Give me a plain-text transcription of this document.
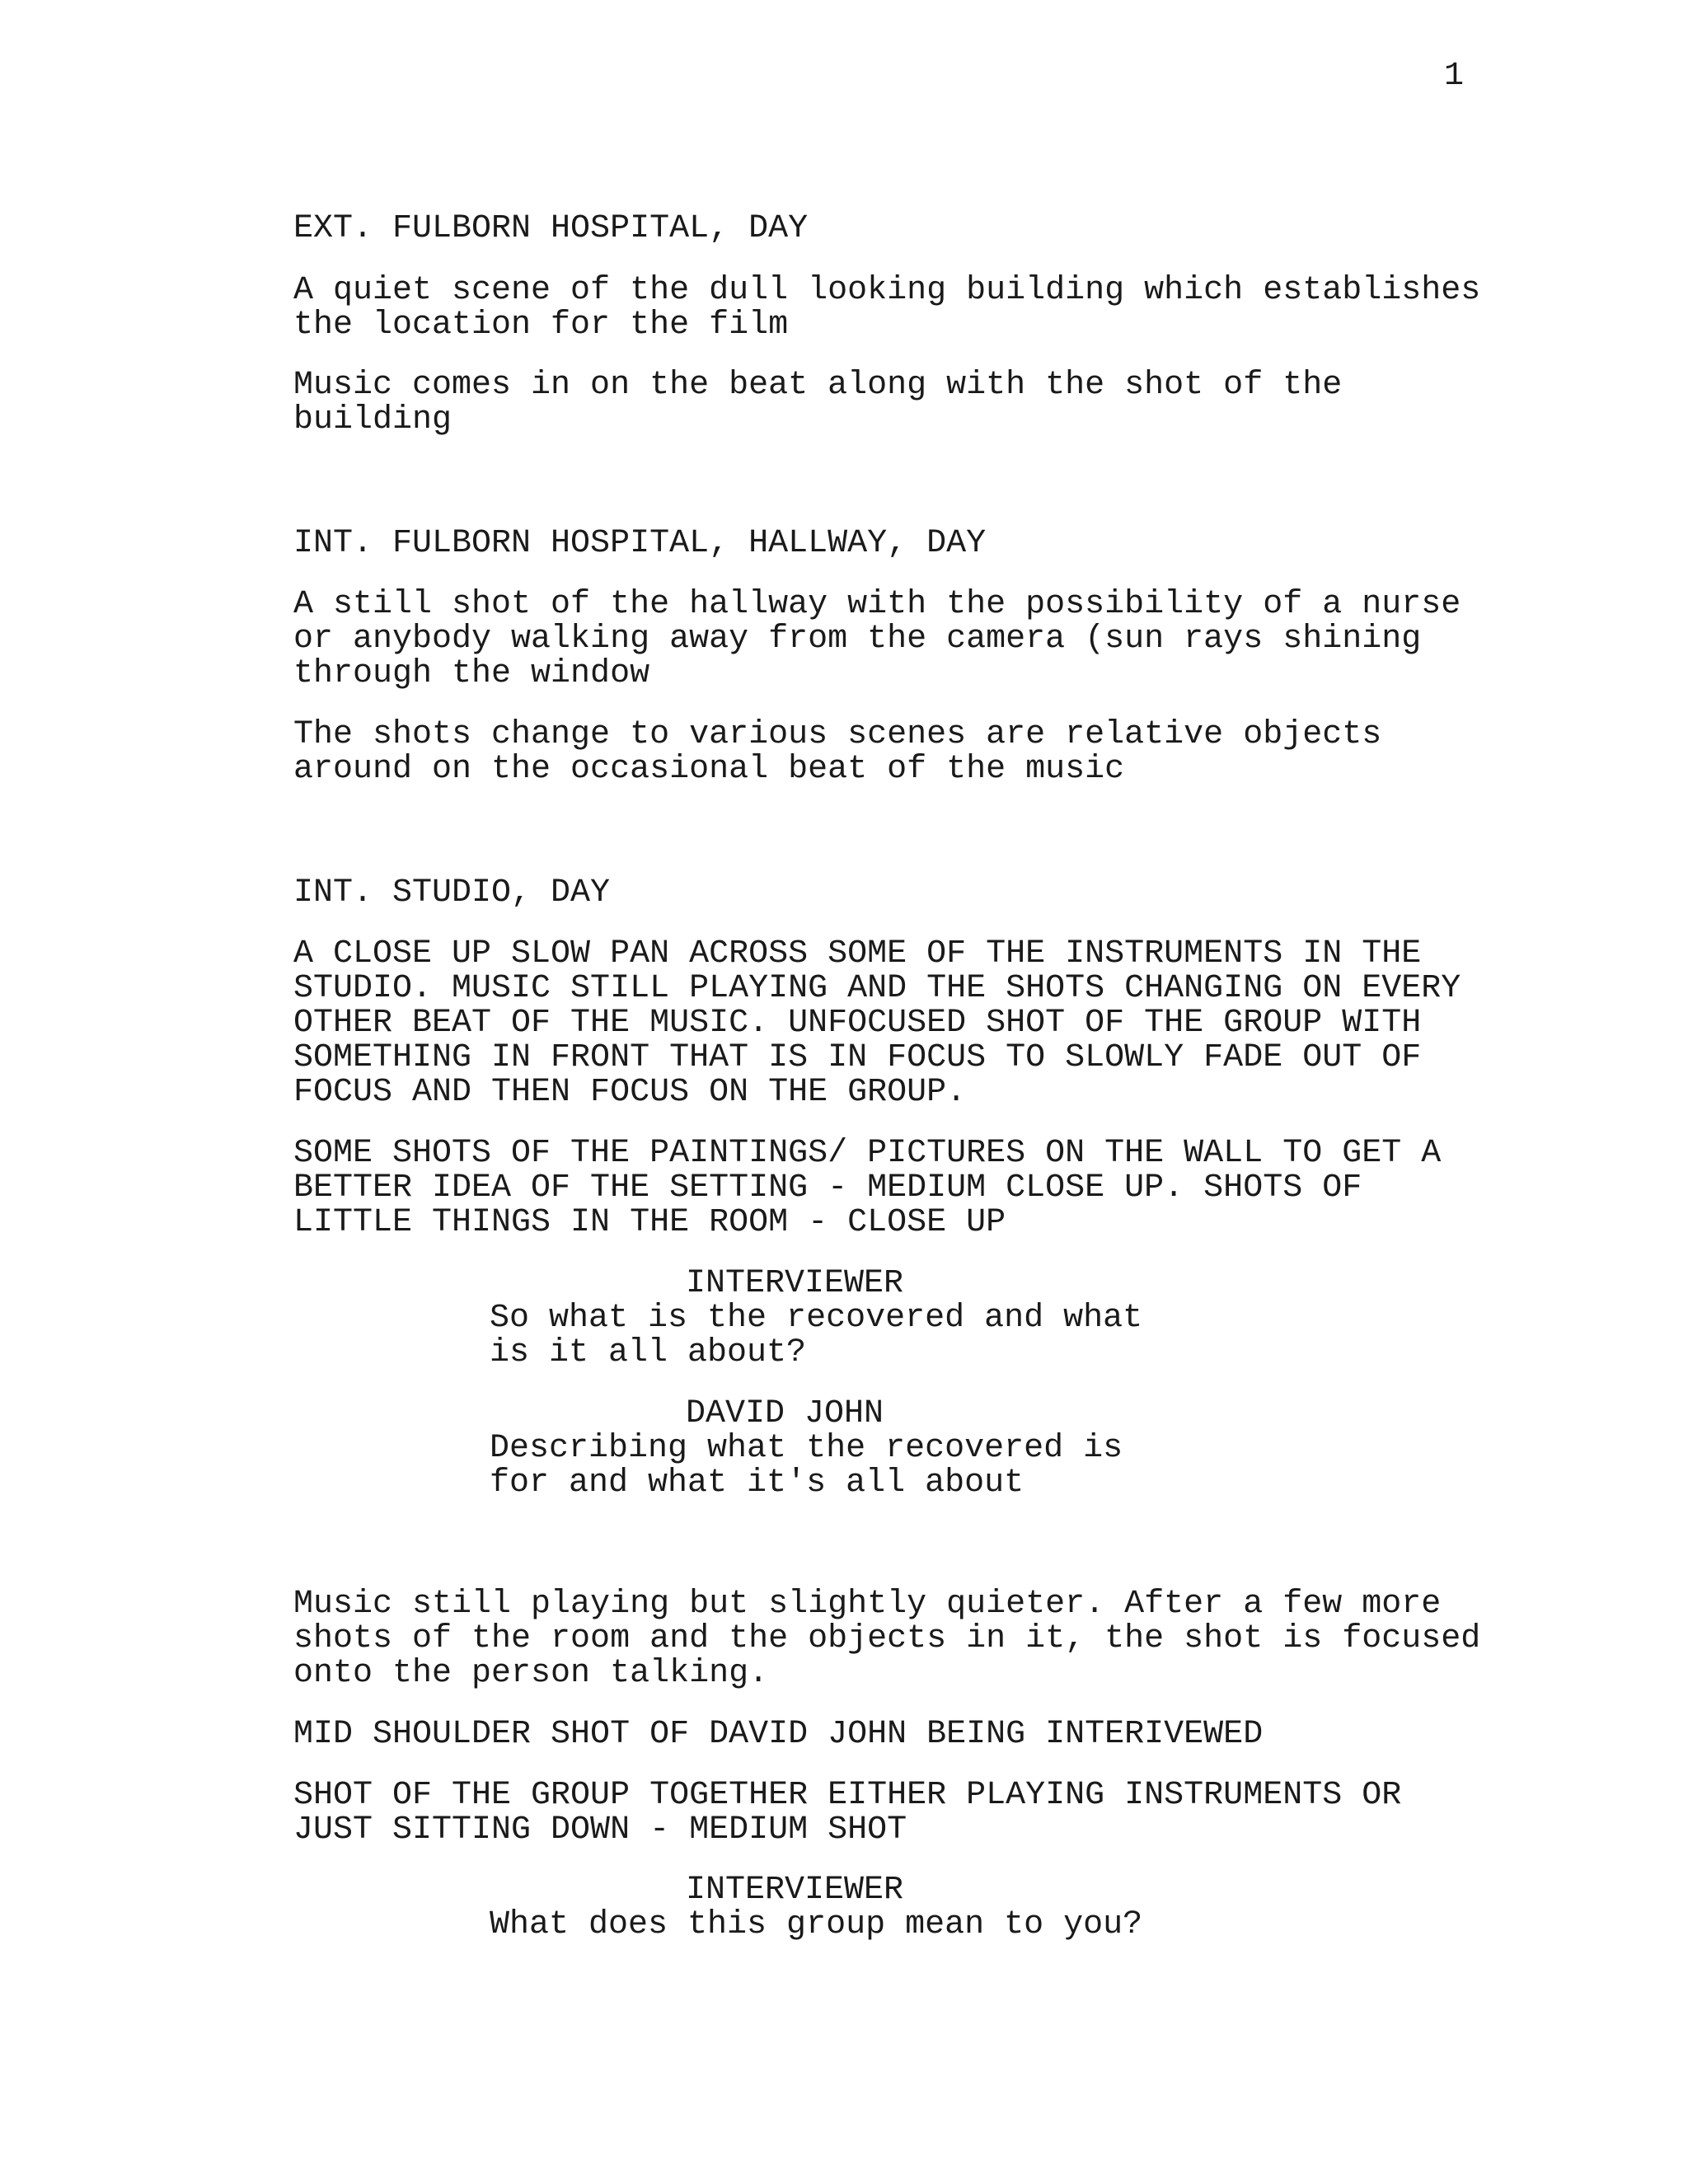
1
EXT. FULBORN HOSPITAL, DAY
A quiet scene of the dull looking building which establishes
the location for the film
Music comes in on the beat along with the shot of the
building
INT. FULBORN HOSPITAL, HALLWAY, DAY
A still shot of the hallway with the possibility of a nurse
or anybody walking away from the camera (sun rays shining
through the window
The shots change to various scenes are relative objects
around on the occasional beat of the music
INT. STUDIO, DAY
A CLOSE UP SLOW PAN ACROSS SOME OF THE INSTRUMENTS IN THE
STUDIO. MUSIC STILL PLAYING AND THE SHOTS CHANGING ON EVERY
OTHER BEAT OF THE MUSIC. UNFOCUSED SHOT OF THE GROUP WITH
SOMETHING IN FRONT THAT IS IN FOCUS TO SLOWLY FADE OUT OF
FOCUS AND THEN FOCUS ON THE GROUP.
SOME SHOTS OF THE PAINTINGS/ PICTURES ON THE WALL TO GET A
BETTER IDEA OF THE SETTING - MEDIUM CLOSE UP. SHOTS OF
LITTLE THINGS IN THE ROOM - CLOSE UP
INTERVIEWER
So what is the recovered and what
is it all about?
DAVID JOHN
Describing what the recovered is
for and what it's all about
Music still playing but slightly quieter. After a few more
shots of the room and the objects in it, the shot is focused
onto the person talking.
MID SHOULDER SHOT OF DAVID JOHN BEING INTERIVEWED
SHOT OF THE GROUP TOGETHER EITHER PLAYING INSTRUMENTS OR
JUST SITTING DOWN - MEDIUM SHOT
INTERVIEWER
What does this group mean to you?
